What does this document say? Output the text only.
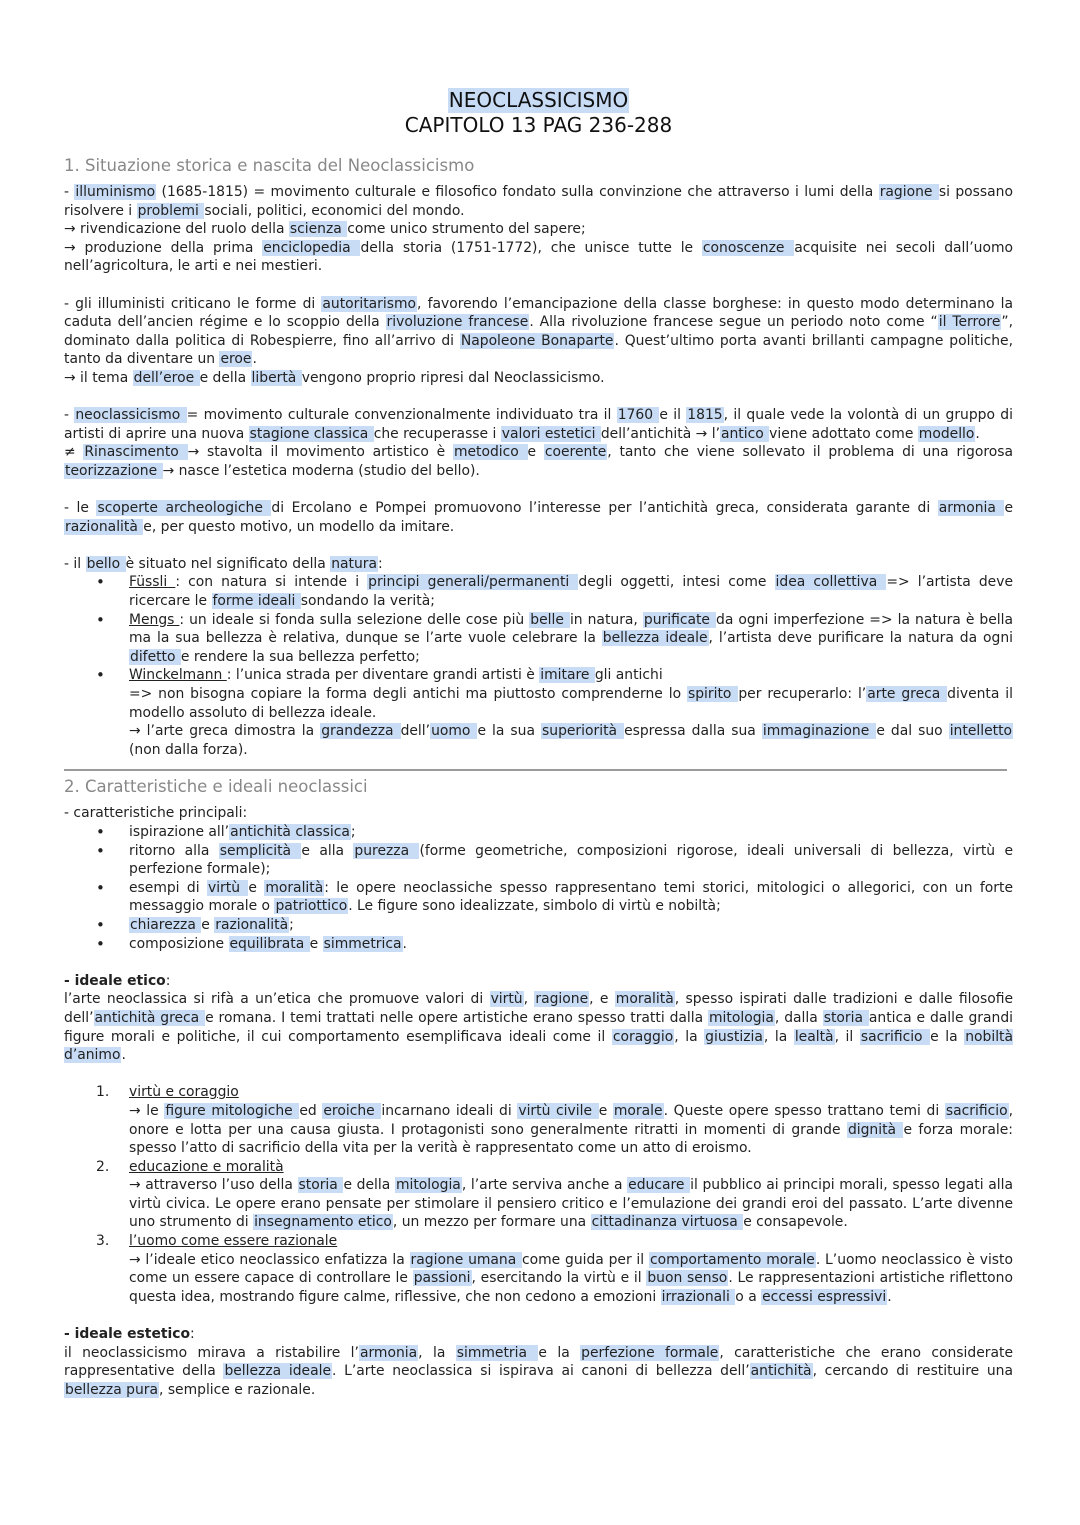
NEOCLASSICISMO
CAPITOLO 13 PAG 236-288
1. Situazione storica e nascita del Neoclassicismo

- illuminismo (1685-1815) = movimento culturale e filosofico fondato sulla convinzione che attraverso i lumi della ragione si possano risolvere i problemi sociali, politici, economici del mondo.

→ rivendicazione del ruolo della scienza come unico strumento del sapere;

→ produzione della prima enciclopedia della storia (1751-1772), che unisce tutte le conoscenze acquisite nei secoli dall’uomo nell’agricoltura, le arti e nei mestieri.

- gli illuministi criticano le forme di autoritarismo, favorendo l’emancipazione della classe borghese: in questo modo determinano la caduta dell’ancien régime e lo scoppio della rivoluzione francese. Alla rivoluzione francese segue un periodo noto come “il Terrore”, dominato dalla politica di Robespierre, fino all’arrivo di Napoleone Bonaparte. Quest’ultimo porta avanti brillanti campagne politiche, tanto da diventare un eroe.

→ il tema dell’eroe e della libertà vengono proprio ripresi dal Neoclassicismo.

- neoclassicismo = movimento culturale convenzionalmente individuato tra il 1760 e il 1815, il quale vede la volontà di un gruppo di artisti di aprire una nuova stagione classica che recuperasse i valori estetici dell’antichità → l’antico viene adottato come modello.

≠ Rinascimento → stavolta il movimento artistico è metodico e coerente, tanto che viene sollevato il problema di una rigorosa teorizzazione → nasce l’estetica moderna (studio del bello).

- le scoperte archeologiche di Ercolano e Pompei promuovono l’interesse per l’antichità greca, considerata garante di armonia e razionalità e, per questo motivo, un modello da imitare.

- il bello è situato nel significato della natura:

• Füssli : con natura si intende i principi generali/permanenti degli oggetti, intesi come idea collettiva => l’artista deve ricercare le forme ideali sondando la verità;
• Mengs : un ideale si fonda sulla selezione delle cose più belle in natura, purificate da ogni imperfezione => la natura è bella ma la sua bellezza è relativa, dunque se l’arte vuole celebrare la bellezza ideale, l’artista deve purificare la natura da ogni difetto e rendere la sua bellezza perfetto;
• Winckelmann : l’unica strada per diventare grandi artisti è imitare gli antichi
=> non bisogna copiare la forma degli antichi ma piuttosto comprenderne lo spirito per recuperarlo: l’arte greca diventa il modello assoluto di bellezza ideale.
→ l’arte greca dimostra la grandezza dell’uomo e la sua superiorità espressa dalla sua immaginazione e dal suo intelletto (non dalla forza).
2. Caratteristiche e ideali neoclassici

- caratteristiche principali:

• ispirazione all’antichità classica;
• ritorno alla semplicità e alla purezza (forme geometriche, composizioni rigorose, ideali universali di bellezza, virtù e perfezione formale);
• esempi di virtù e moralità: le opere neoclassiche spesso rappresentano temi storici, mitologici o allegorici, con un forte messaggio morale o patriottico. Le figure sono idealizzate, simbolo di virtù e nobiltà;
• chiarezza e razionalità;
• composizione equilibrata e simmetrica.

- ideale etico:

l’arte neoclassica si rifà a un’etica che promuove valori di virtù, ragione, e moralità, spesso ispirati dalle tradizioni e dalle filosofie dell’antichità greca e romana. I temi trattati nelle opere artistiche erano spesso tratti dalla mitologia, dalla storia antica e dalle grandi figure morali e politiche, il cui comportamento esemplificava ideali come il coraggio, la giustizia, la lealtà, il sacrificio e la nobiltà d’animo.

1. virtù e coraggio
→ le figure mitologiche ed eroiche incarnano ideali di virtù civile e morale. Queste opere spesso trattano temi di sacrificio, onore e lotta per una causa giusta. I protagonisti sono generalmente ritratti in momenti di grande dignità e forza morale: spesso l’atto di sacrificio della vita per la verità è rappresentato come un atto di eroismo.
2. educazione e moralità
→ attraverso l’uso della storia e della mitologia, l’arte serviva anche a educare il pubblico ai principi morali, spesso legati alla virtù civica. Le opere erano pensate per stimolare il pensiero critico e l’emulazione dei grandi eroi del passato. L’arte divenne uno strumento di insegnamento etico, un mezzo per formare una cittadinanza virtuosa e consapevole.
3. l’uomo come essere razionale
→ l’ideale etico neoclassico enfatizza la ragione umana come guida per il comportamento morale. L’uomo neoclassico è visto come un essere capace di controllare le passioni, esercitando la virtù e il buon senso. Le rappresentazioni artistiche riflettono questa idea, mostrando figure calme, riflessive, che non cedono a emozioni irrazionali o a eccessi espressivi.

- ideale estetico:

il neoclassicismo mirava a ristabilire l’armonia, la simmetria e la perfezione formale, caratteristiche che erano considerate rappresentative della bellezza ideale. L’arte neoclassica si ispirava ai canoni di bellezza dell’antichità, cercando di restituire una bellezza pura, semplice e razionale.
